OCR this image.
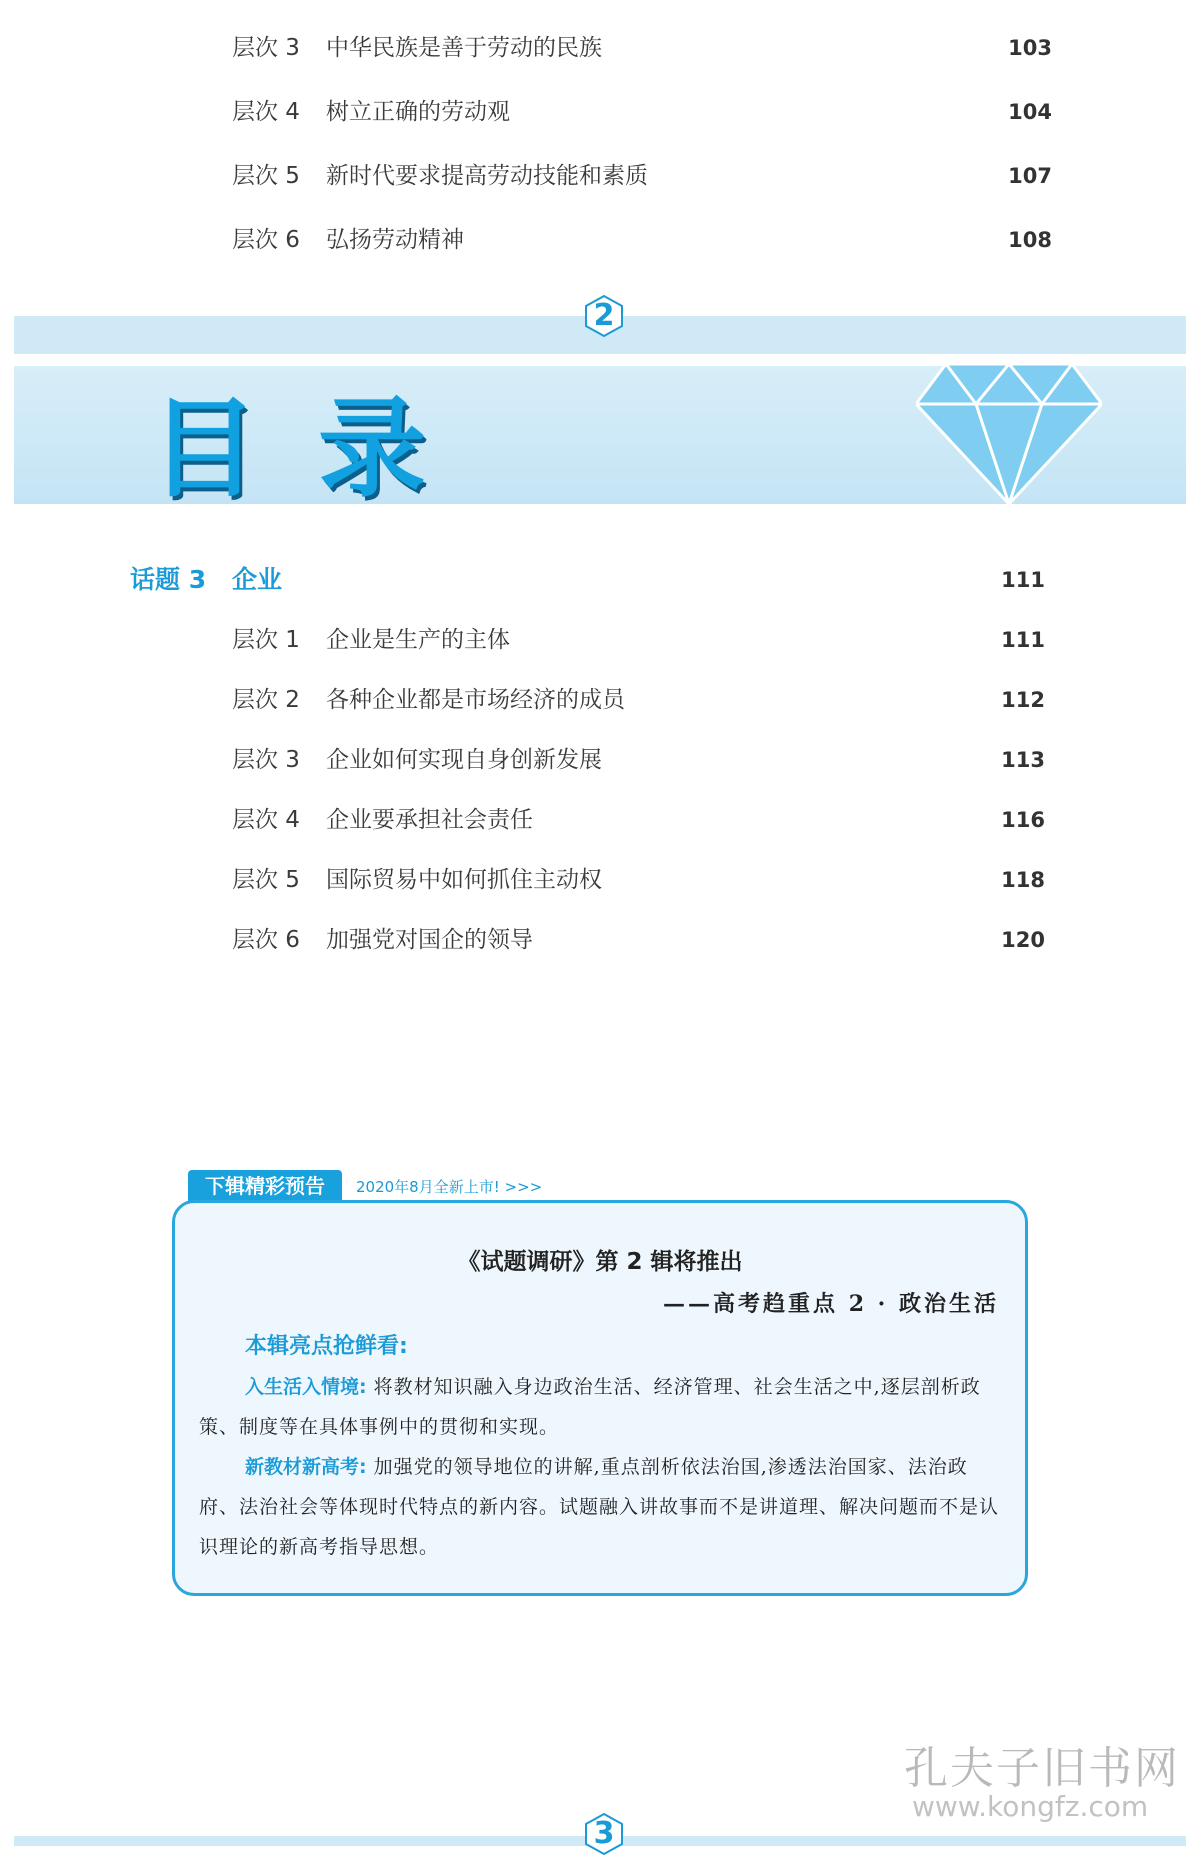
层次 3 中华民族是善于劳动的民族	103
层次 4 树立正确的劳动观	104
层次 5 新时代要求提高劳动技能和素质	107
层次 6 弘扬劳动精神	108
2
目录
话题 3 企业	111
层次 1 企业是生产的主体	111
层次 2 各种企业都是市场经济的成员	112
层次 3 企业如何实现自身创新发展	113
层次 4 企业要承担社会责任	116
层次 5 国际贸易中如何抓住主动权	118
层次 6 加强党对国企的领导	120
下辑精彩预告	2020年8月全新上市! >>>
《试题调研》第 2 辑将推出
——高考趋重点 2 · 政治生活
本辑亮点抢鲜看:
入生活入情境: 将教材知识融入身边政治生活、经济管理、社会生活之中,逐层剖析政策、制度等在具体事例中的贯彻和实现。
新教材新高考: 加强党的领导地位的讲解,重点剖析依法治国,渗透法治国家、法治政府、法治社会等体现时代特点的新内容。试题融入讲故事而不是讲道理、解决问题而不是认识理论的新高考指导思想。
3
孔夫子旧书网
www.kongfz.com
